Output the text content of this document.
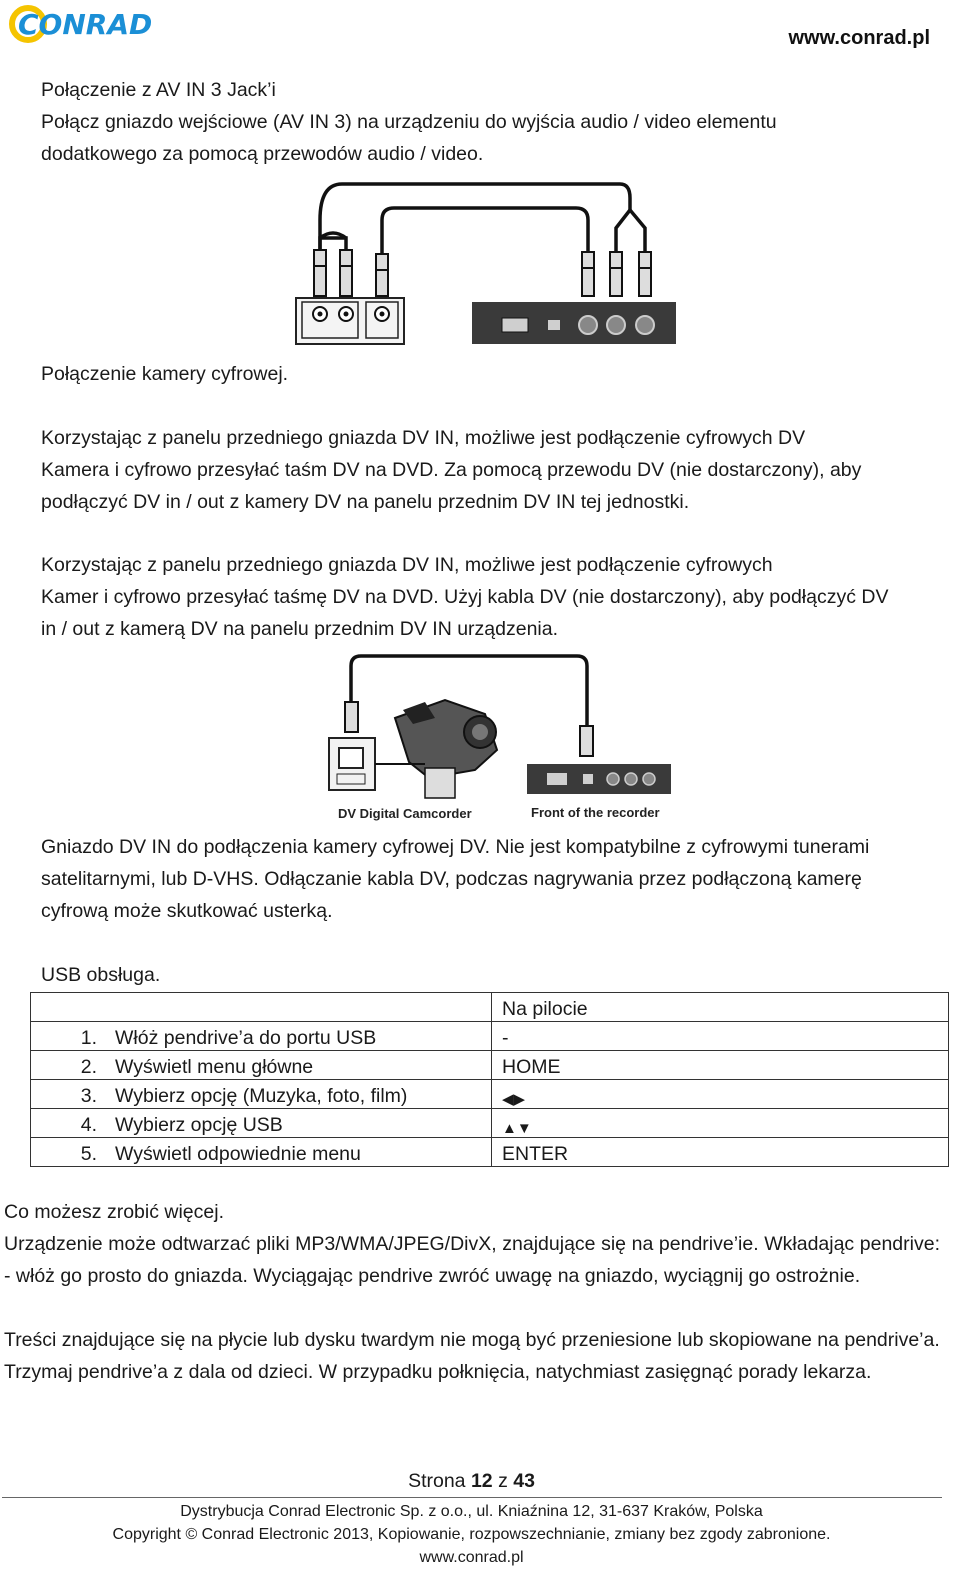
CONRAD	www.conrad.pl
Połączenie z AV IN 3 Jack’i
Połącz gniazdo wejściowe (AV IN 3) na urządzeniu do wyjścia audio / video elementu
dodatkowego za pomocą przewodów audio / video.
Połączenie kamery cyfrowej.
Korzystając z panelu przedniego gniazda DV IN, możliwe jest podłączenie cyfrowych DV
Kamera i cyfrowo przesyłać taśm DV na DVD. Za pomocą przewodu DV (nie dostarczony), aby
podłączyć DV in / out z kamery DV na panelu przednim DV IN tej jednostki.
Korzystając z panelu przedniego gniazda DV IN, możliwe jest podłączenie cyfrowych
Kamer i cyfrowo przesyłać taśmę DV na DVD. Użyj kabla DV (nie dostarczony), aby podłączyć DV
in / out z kamerą DV na panelu przednim DV IN urządzenia.
DV Digital Camcorder	Front of the recorder
Gniazdo DV IN do podłączenia kamery cyfrowej DV. Nie jest kompatybilne z cyfrowymi tunerami
satelitarnymi, lub D-VHS. Odłączanie kabla DV, podczas nagrywania przez podłączoną kamerę
cyfrową może skutkować usterką.
USB obsługa.
	Na pilocie
1. Włóż pendrive’a do portu USB	-
2. Wyświetl menu główne	HOME
3. Wybierz opcję (Muzyka, foto, film)	◀▶
4. Wybierz opcję USB	▲▼
5. Wyświetl odpowiednie menu	ENTER
Co możesz zrobić więcej.
Urządzenie może odtwarzać pliki MP3/WMA/JPEG/DivX, znajdujące się na pendrive’ie. Wkładając pendrive: - włóż go prosto do gniazda. Wyciągając pendrive zwróć uwagę na gniazdo, wyciągnij go ostrożnie.
Treści znajdujące się na płycie lub dysku twardym nie mogą być przeniesione lub skopiowane na pendrive’a.
Trzymaj pendrive’a z dala od dzieci. W przypadku połknięcia, natychmiast zasięgnąć porady lekarza.
Strona 12 z 43
Dystrybucja Conrad Electronic Sp. z o.o., ul. Kniaźnina 12, 31-637 Kraków, Polska
Copyright © Conrad Electronic 2013, Kopiowanie, rozpowszechnianie, zmiany bez zgody zabronione.
www.conrad.pl
